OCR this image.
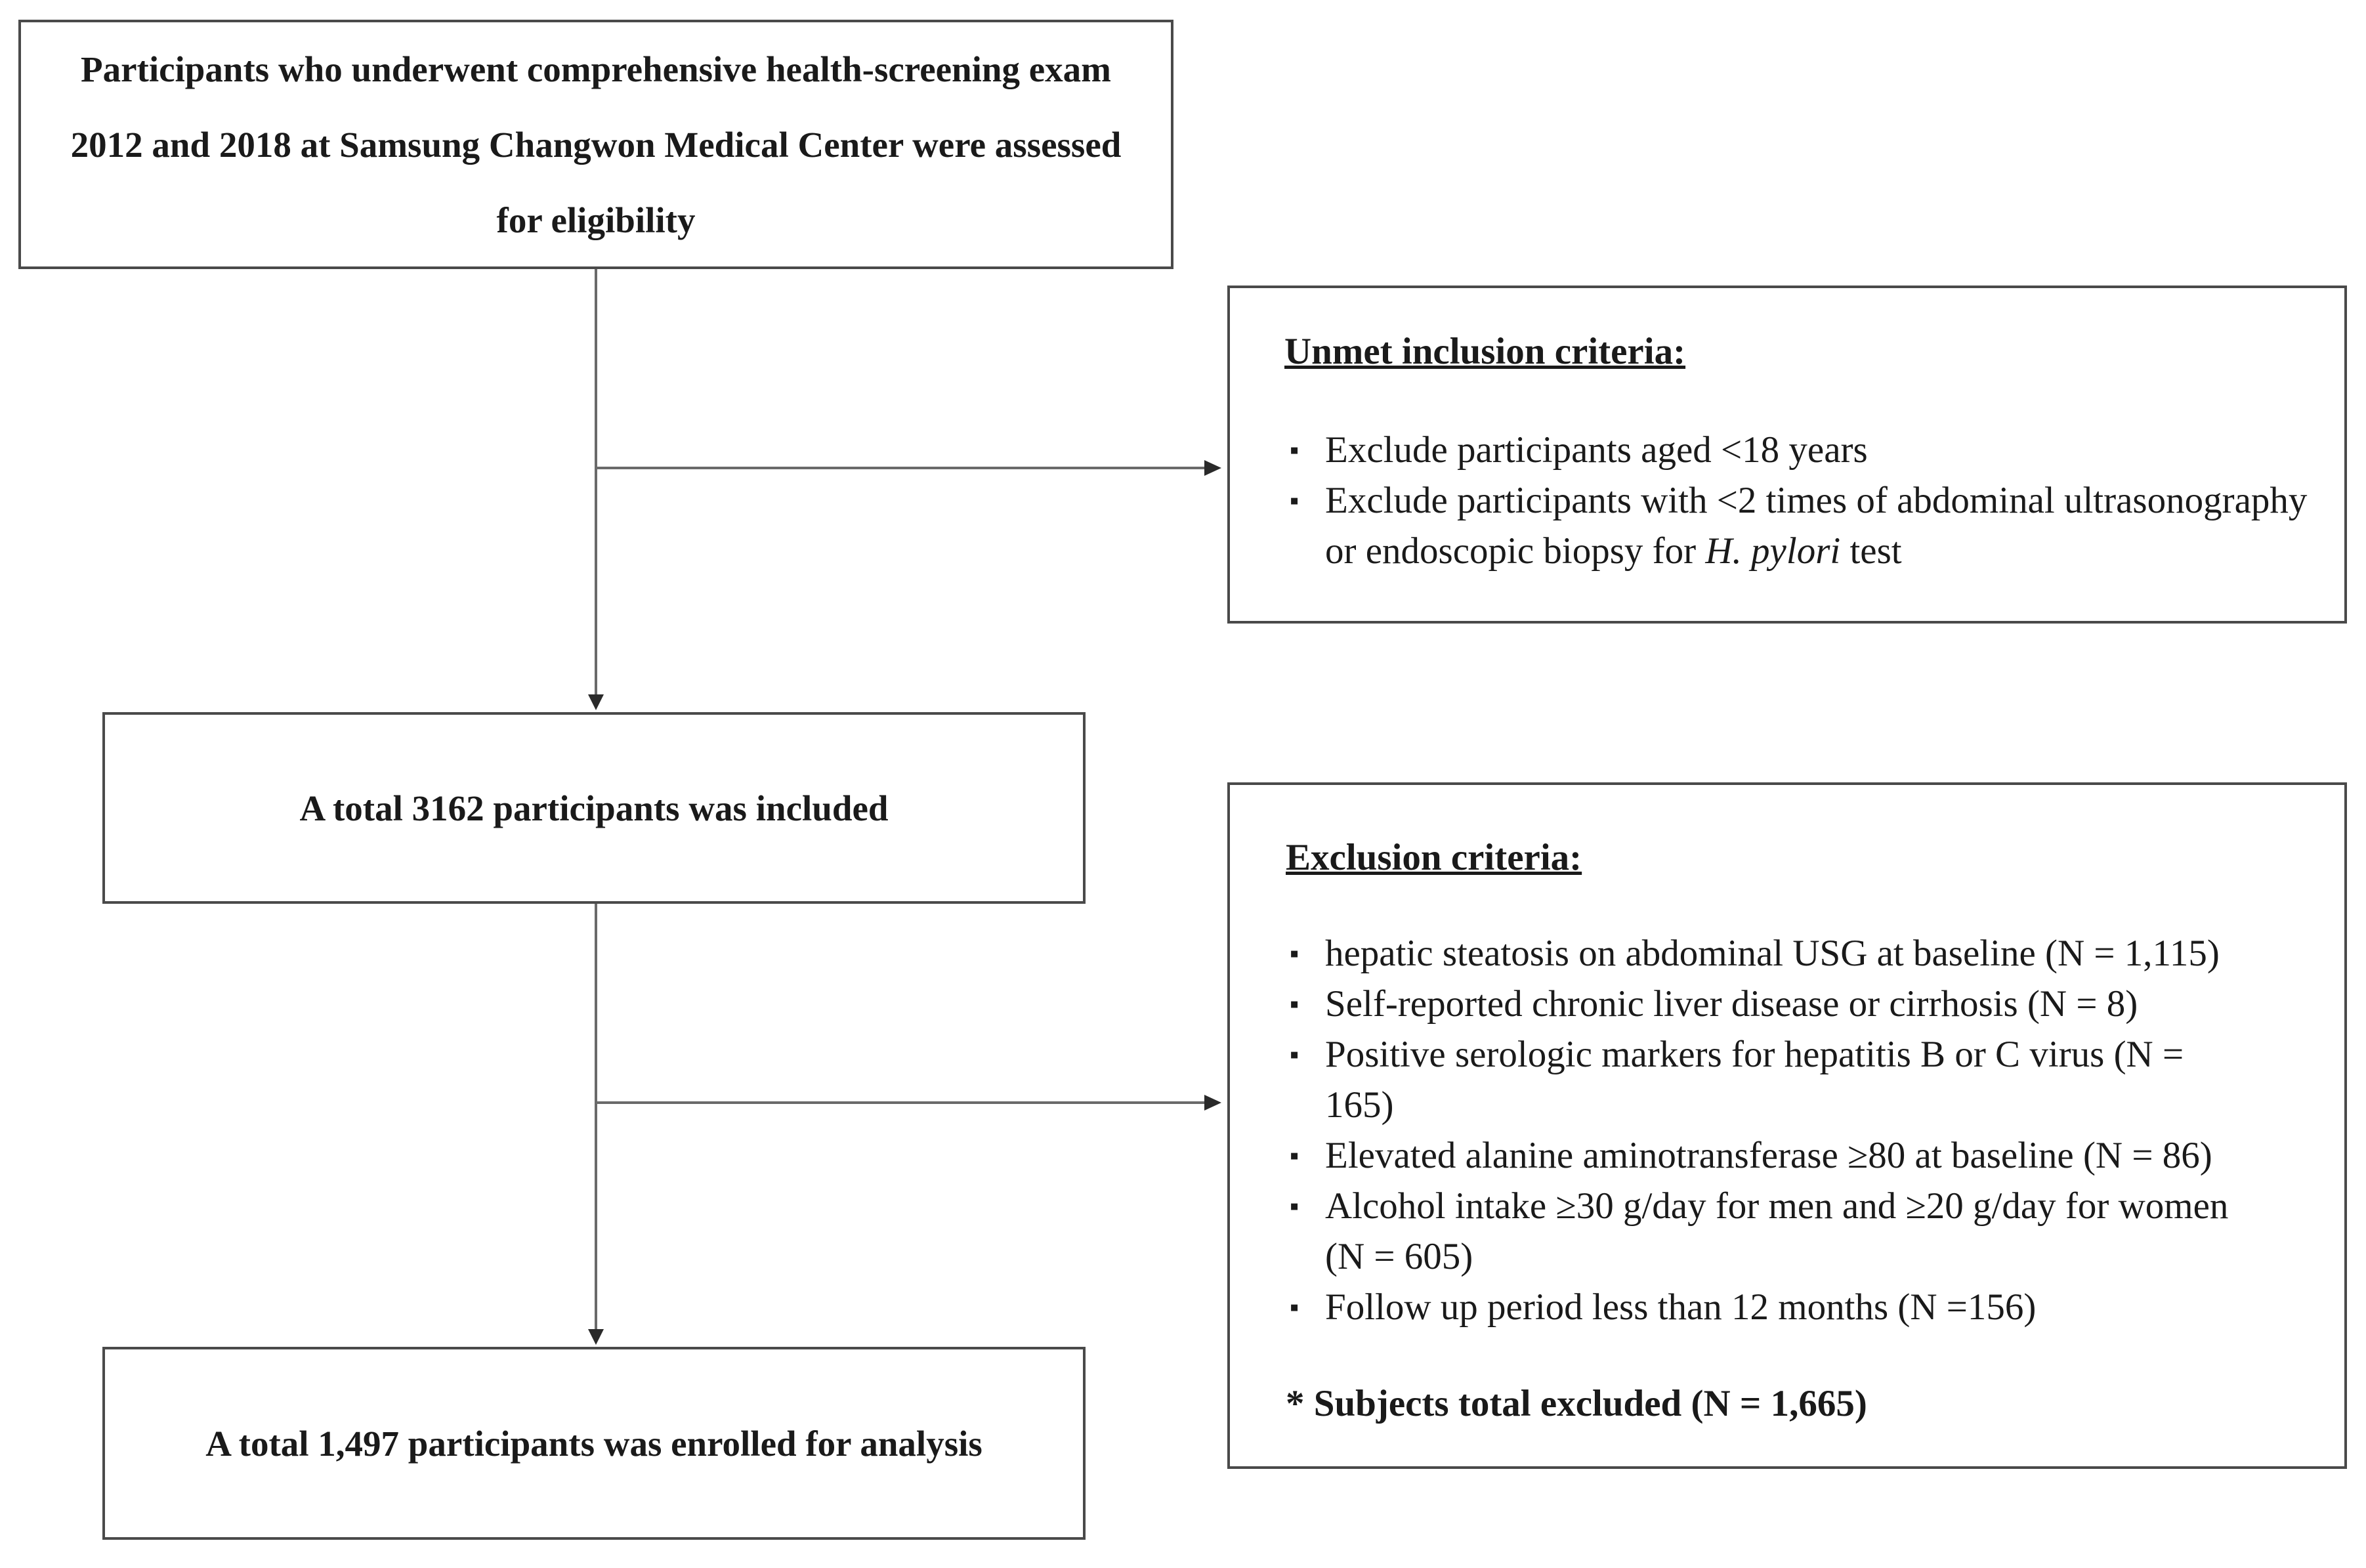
Participants who underwent comprehensive health-screening exam 2012 and 2018 at Samsung Changwon Medical Center were assessed for eligibility
A total 3162 participants was included
A total 1,497 participants was enrolled for analysis
Unmet inclusion criteria:
▪ Exclude participants aged <18 years
▪ Exclude participants with <2 times of abdominal ultrasonography or endoscopic biopsy for H. pylori test
Exclusion criteria:
▪ hepatic steatosis on abdominal USG at baseline (N = 1,115)
▪ Self-reported chronic liver disease or cirrhosis (N = 8)
▪ Positive serologic markers for hepatitis B or C virus (N = 165)
▪ Elevated alanine aminotransferase ≥80 at baseline (N = 86)
▪ Alcohol intake ≥30 g/day for men and ≥20 g/day for women (N = 605)
▪ Follow up period less than 12 months (N =156)
* Subjects total excluded (N = 1,665)
